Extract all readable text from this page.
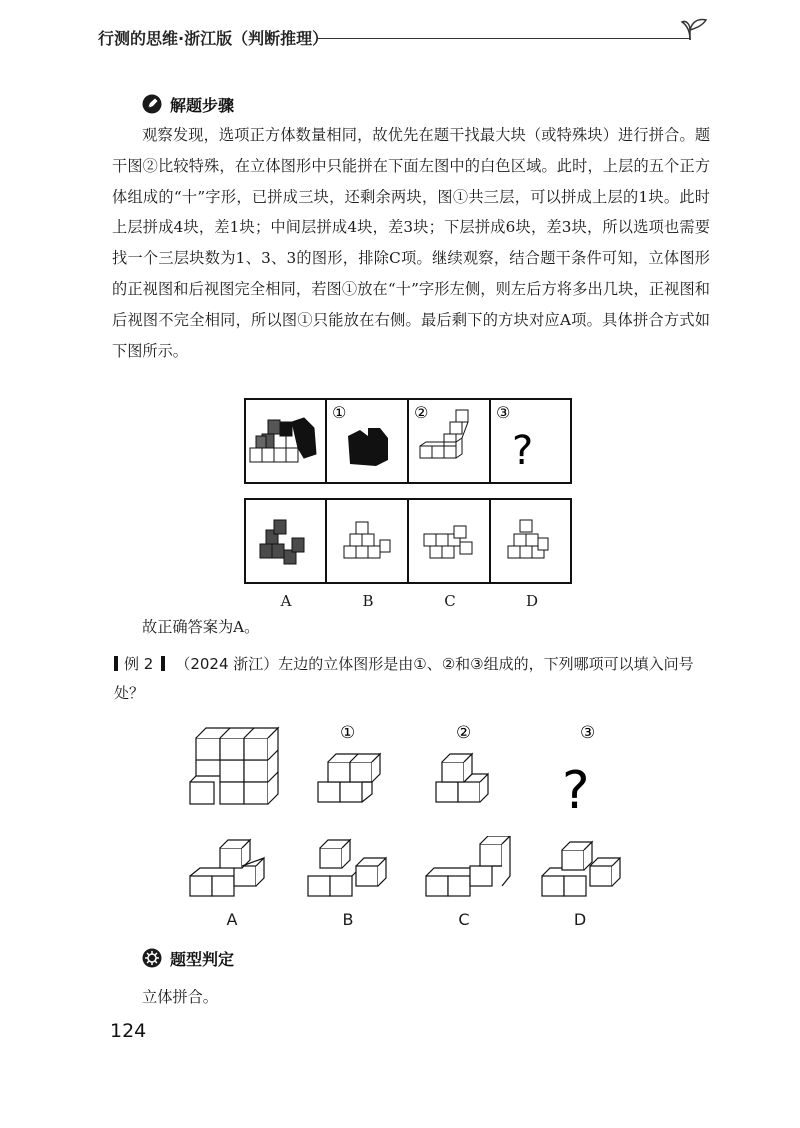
行测的思维·浙江版（判断推理）
解题步骤
观察发现，选项正方体数量相同，故优先在题干找最大块（或特殊块）进行拼合。题干图②比较特殊，在立体图形中只能拼在下面左图中的白色区域。此时，上层的五个正方体组成的“十”字形，已拼成三块，还剩余两块，图①共三层，可以拼成上层的1块。此时上层拼成4块，差1块；中间层拼成4块，差3块；下层拼成6块，差3块，所以选项也需要找一个三层块数为1、3、3的图形，排除C项。继续观察，结合题干条件可知，立体图形的正视图和后视图完全相同，若图①放在“十”字形左侧，则左后方将多出几块，正视图和后视图不完全相同，所以图①只能放在右侧。最后剩下的方块对应A项。具体拼合方式如下图所示。
①	②	③
?
A	B	C	D
故正确答案为A。
例 2 （2024 浙江）左边的立体图形是由①、②和③组成的，下列哪项可以填入问号处？
①	②	③
?
A	B	C	D
题型判定
立体拼合。
124
